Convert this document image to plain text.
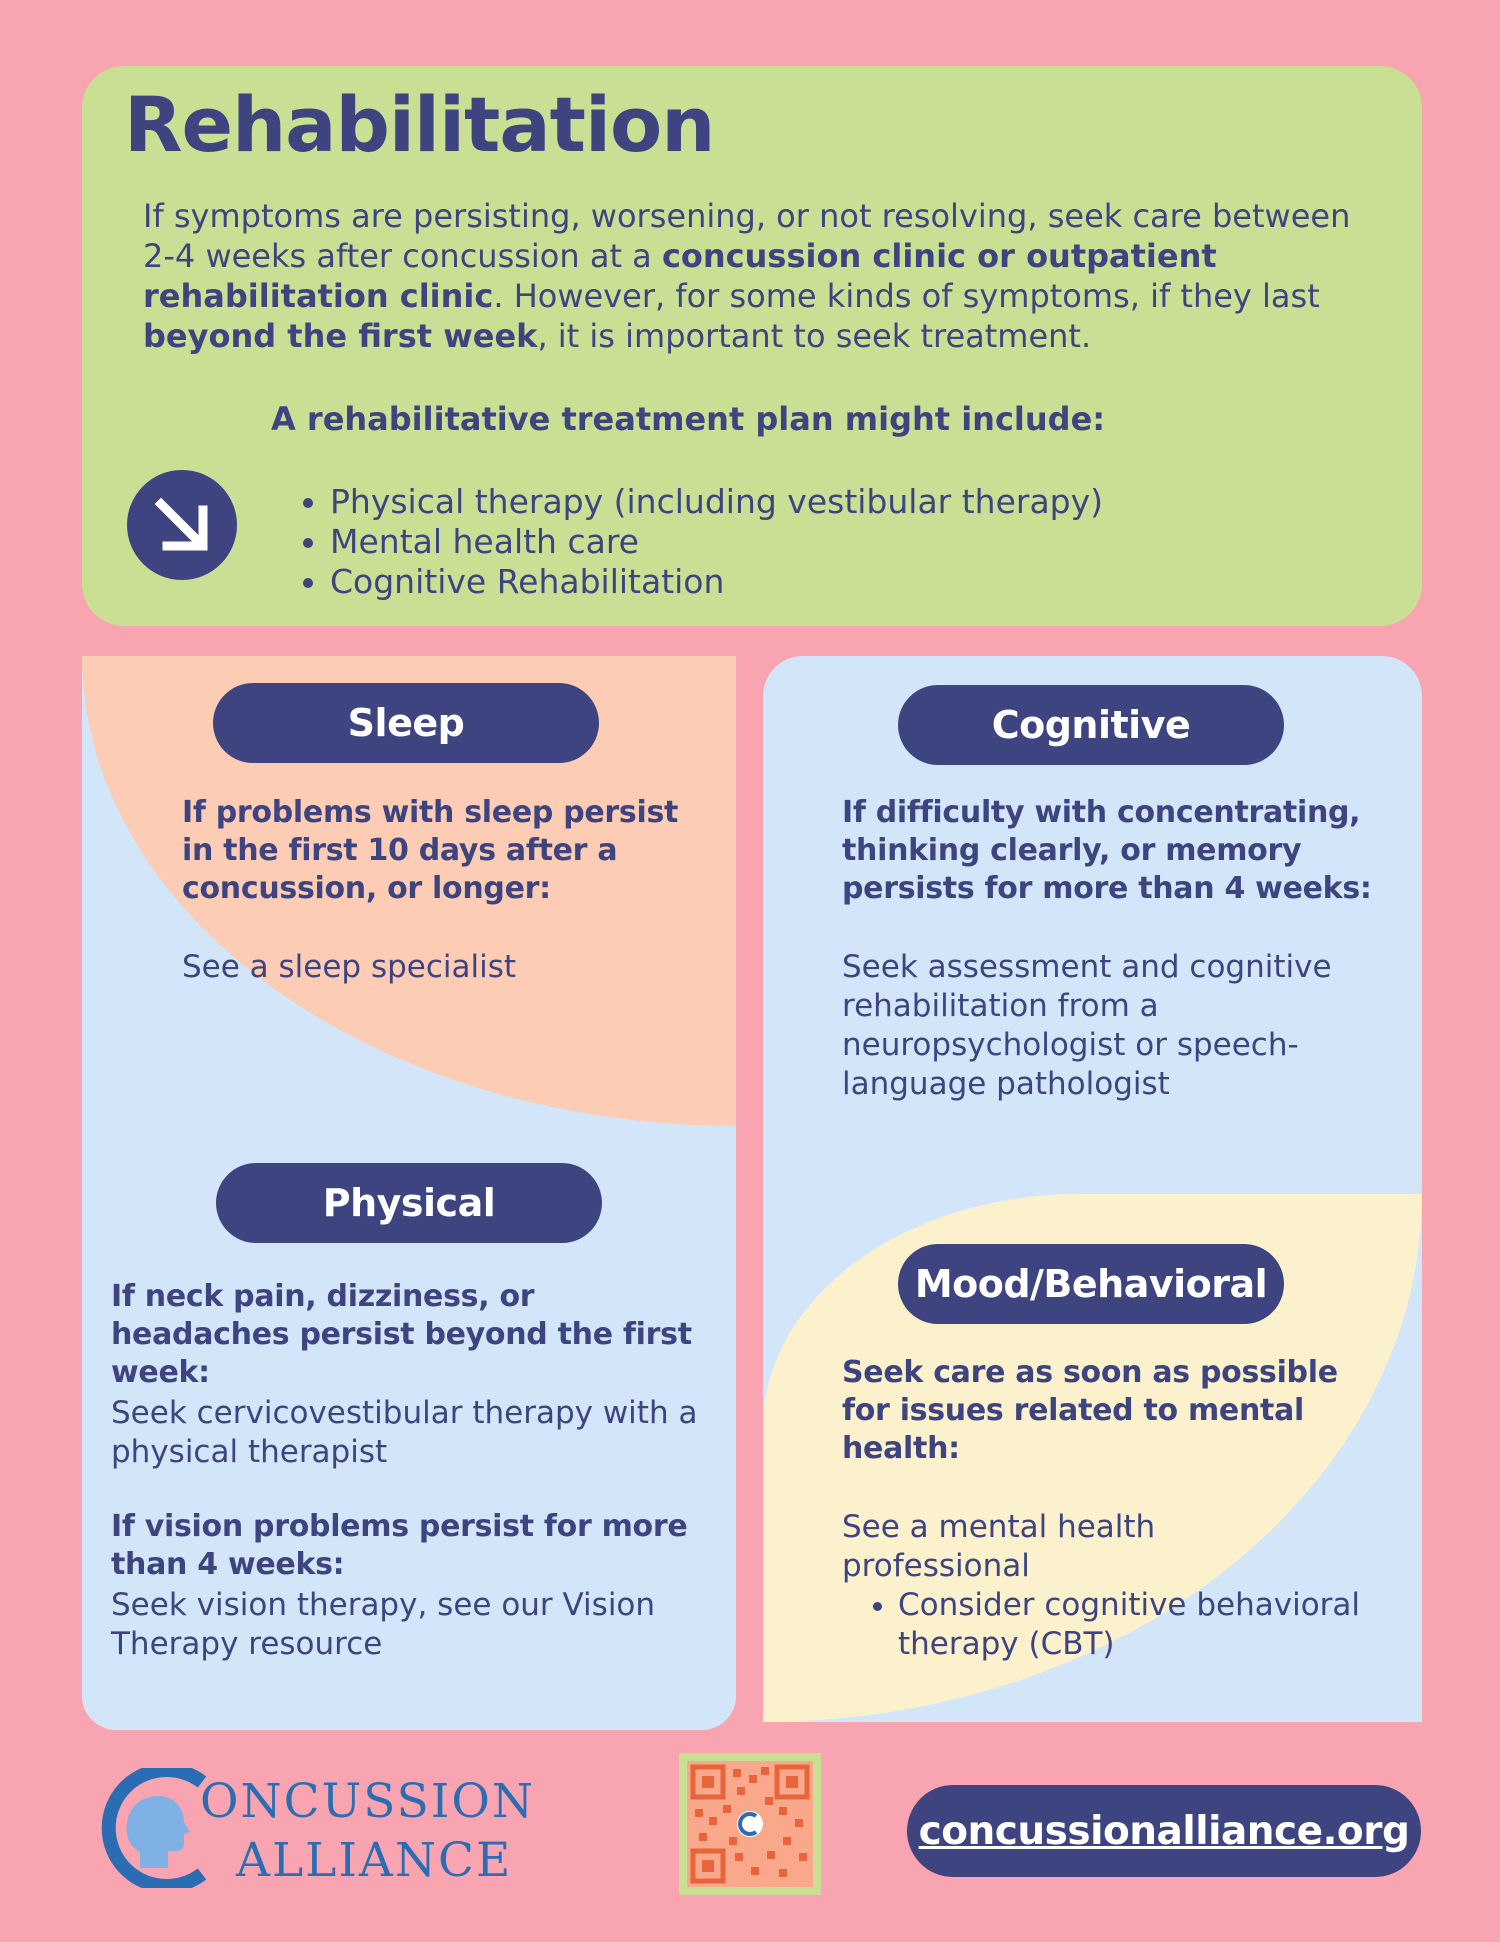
Rehabilitation

If symptoms are persisting, worsening, or not resolving, seek care between 2-4 weeks after concussion at a concussion clinic or outpatient rehabilitation clinic. However, for some kinds of symptoms, if they last beyond the first week, it is important to seek treatment.

A rehabilitative treatment plan might include:

• Physical therapy (including vestibular therapy)
• Mental health care
• Cognitive Rehabilitation
Sleep

If problems with sleep persist in the first 10 days after a concussion, or longer:

See a sleep specialist

Physical

If neck pain, dizziness, or headaches persist beyond the first week:

Seek cervicovestibular therapy with a physical therapist

If vision problems persist for more than 4 weeks:

Seek vision therapy, see our Vision Therapy resource

Cognitive

If difficulty with concentrating, thinking clearly, or memory persists for more than 4 weeks:

Seek assessment and cognitive rehabilitation from a neuropsychologist or speech-language pathologist

Mood/Behavioral

Seek care as soon as possible for issues related to mental health:

See a mental health professional

• Consider cognitive behavioral therapy (CBT)

ONCUSSION

ALLIANCE

concussionalliance.org
